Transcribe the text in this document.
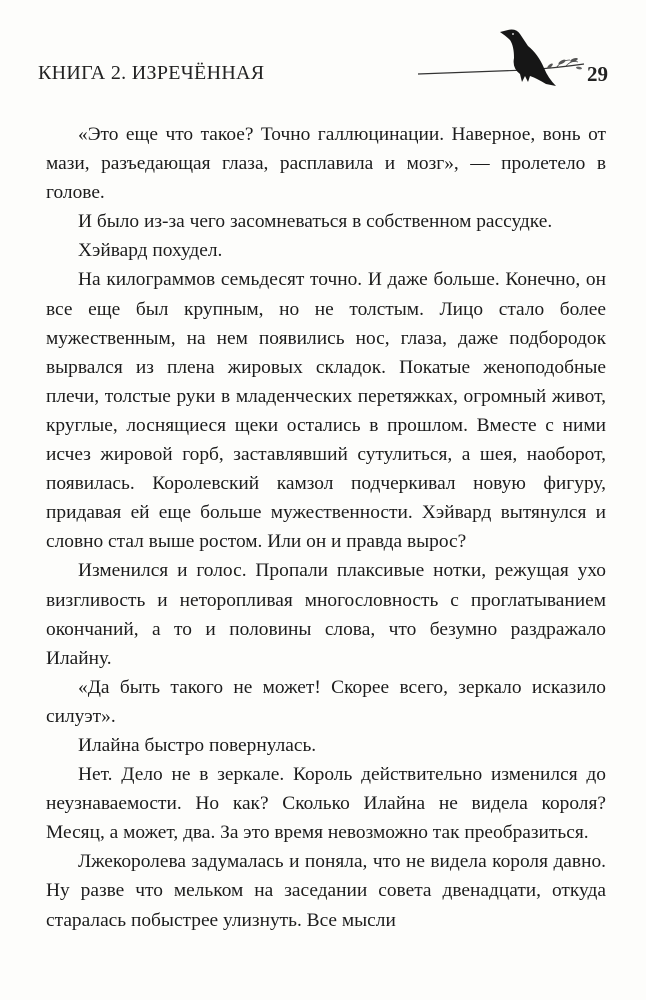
КНИГА 2. ИЗРЕЧЁННАЯ	29

«Это еще что такое? Точно галлюцинации. Наверное, вонь от мази, разъедающая глаза, расплавила и мозг», — пролетело в голове.

И было из-за чего засомневаться в собственном рассудке.

Хэйвард похудел.

На килограммов семьдесят точно. И даже больше. Конечно, он все еще был крупным, но не толстым. Лицо стало более мужественным, на нем появились нос, глаза, даже подбородок вырвался из плена жировых складок. Покатые женоподобные плечи, толстые руки в младенческих перетяжках, огромный живот, круглые, лоснящиеся щеки остались в прошлом. Вместе с ними исчез жировой горб, заставлявший сутулиться, а шея, наоборот, появилась. Королевский камзол подчеркивал новую фигуру, придавая ей еще больше мужественности. Хэйвард вытянулся и словно стал выше ростом. Или он и правда вырос?

Изменился и голос. Пропали плаксивые нотки, режущая ухо визгливость и неторопливая многословность с проглатыванием окончаний, а то и половины слова, что безумно раздражало Илайну.

«Да быть такого не может! Скорее всего, зеркало исказило силуэт».

Илайна быстро повернулась.

Нет. Дело не в зеркале. Король действительно изменился до неузнаваемости. Но как? Сколько Илайна не видела короля? Месяц, а может, два. За это время невозможно так преобразиться.

Лжекоролева задумалась и поняла, что не видела короля давно. Ну разве что мельком на заседании совета двенадцати, откуда старалась побыстрее улизнуть. Все мысли
